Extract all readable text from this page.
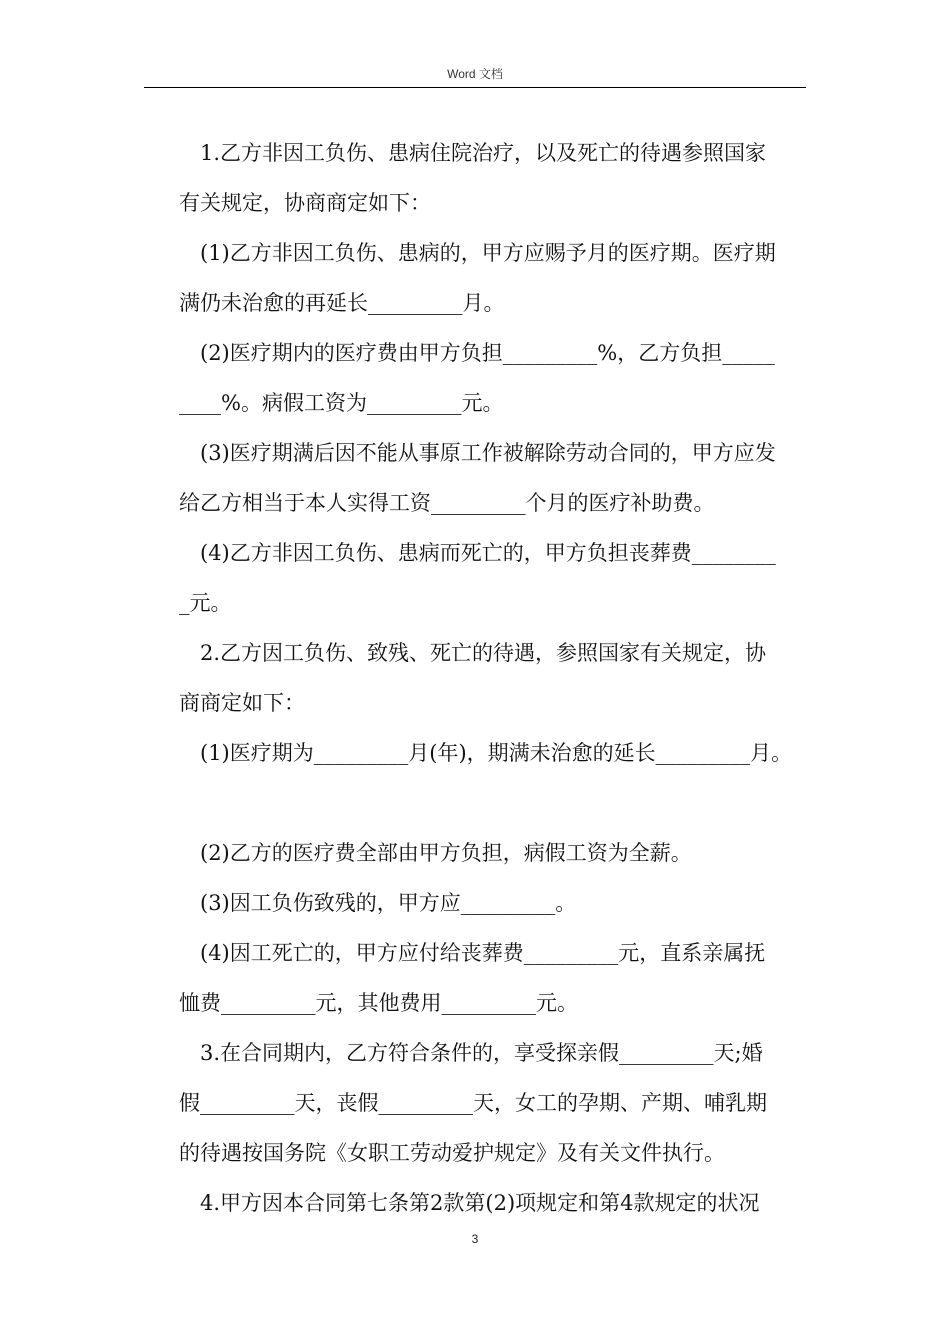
Word 文档
1.乙方非因工负伤、患病住院治疗，以及死亡的待遇参照国家
有关规定，协商商定如下：
(1)乙方非因工负伤、患病的，甲方应赐予月的医疗期。医疗期
满仍未治愈的再延长_________月。
(2)医疗期内的医疗费由甲方负担_________%，乙方负担_____
____%。病假工资为_________元。
(3)医疗期满后因不能从事原工作被解除劳动合同的，甲方应发
给乙方相当于本人实得工资_________个月的医疗补助费。
(4)乙方非因工负伤、患病而死亡的，甲方负担丧葬费________
_元。
2.乙方因工负伤、致残、死亡的待遇，参照国家有关规定，协
商商定如下：
(1)医疗期为_________月(年)，期满未治愈的延长_________月。
(2)乙方的医疗费全部由甲方负担，病假工资为全薪。
(3)因工负伤致残的，甲方应_________。
(4)因工死亡的，甲方应付给丧葬费_________元，直系亲属抚
恤费_________元，其他费用_________元。
3.在合同期内，乙方符合条件的，享受探亲假_________天;婚
假_________天，丧假_________天，女工的孕期、产期、哺乳期
的待遇按国务院《女职工劳动爱护规定》及有关文件执行。
4.甲方因本合同第七条第2款第(2)项规定和第4款规定的状况
3
